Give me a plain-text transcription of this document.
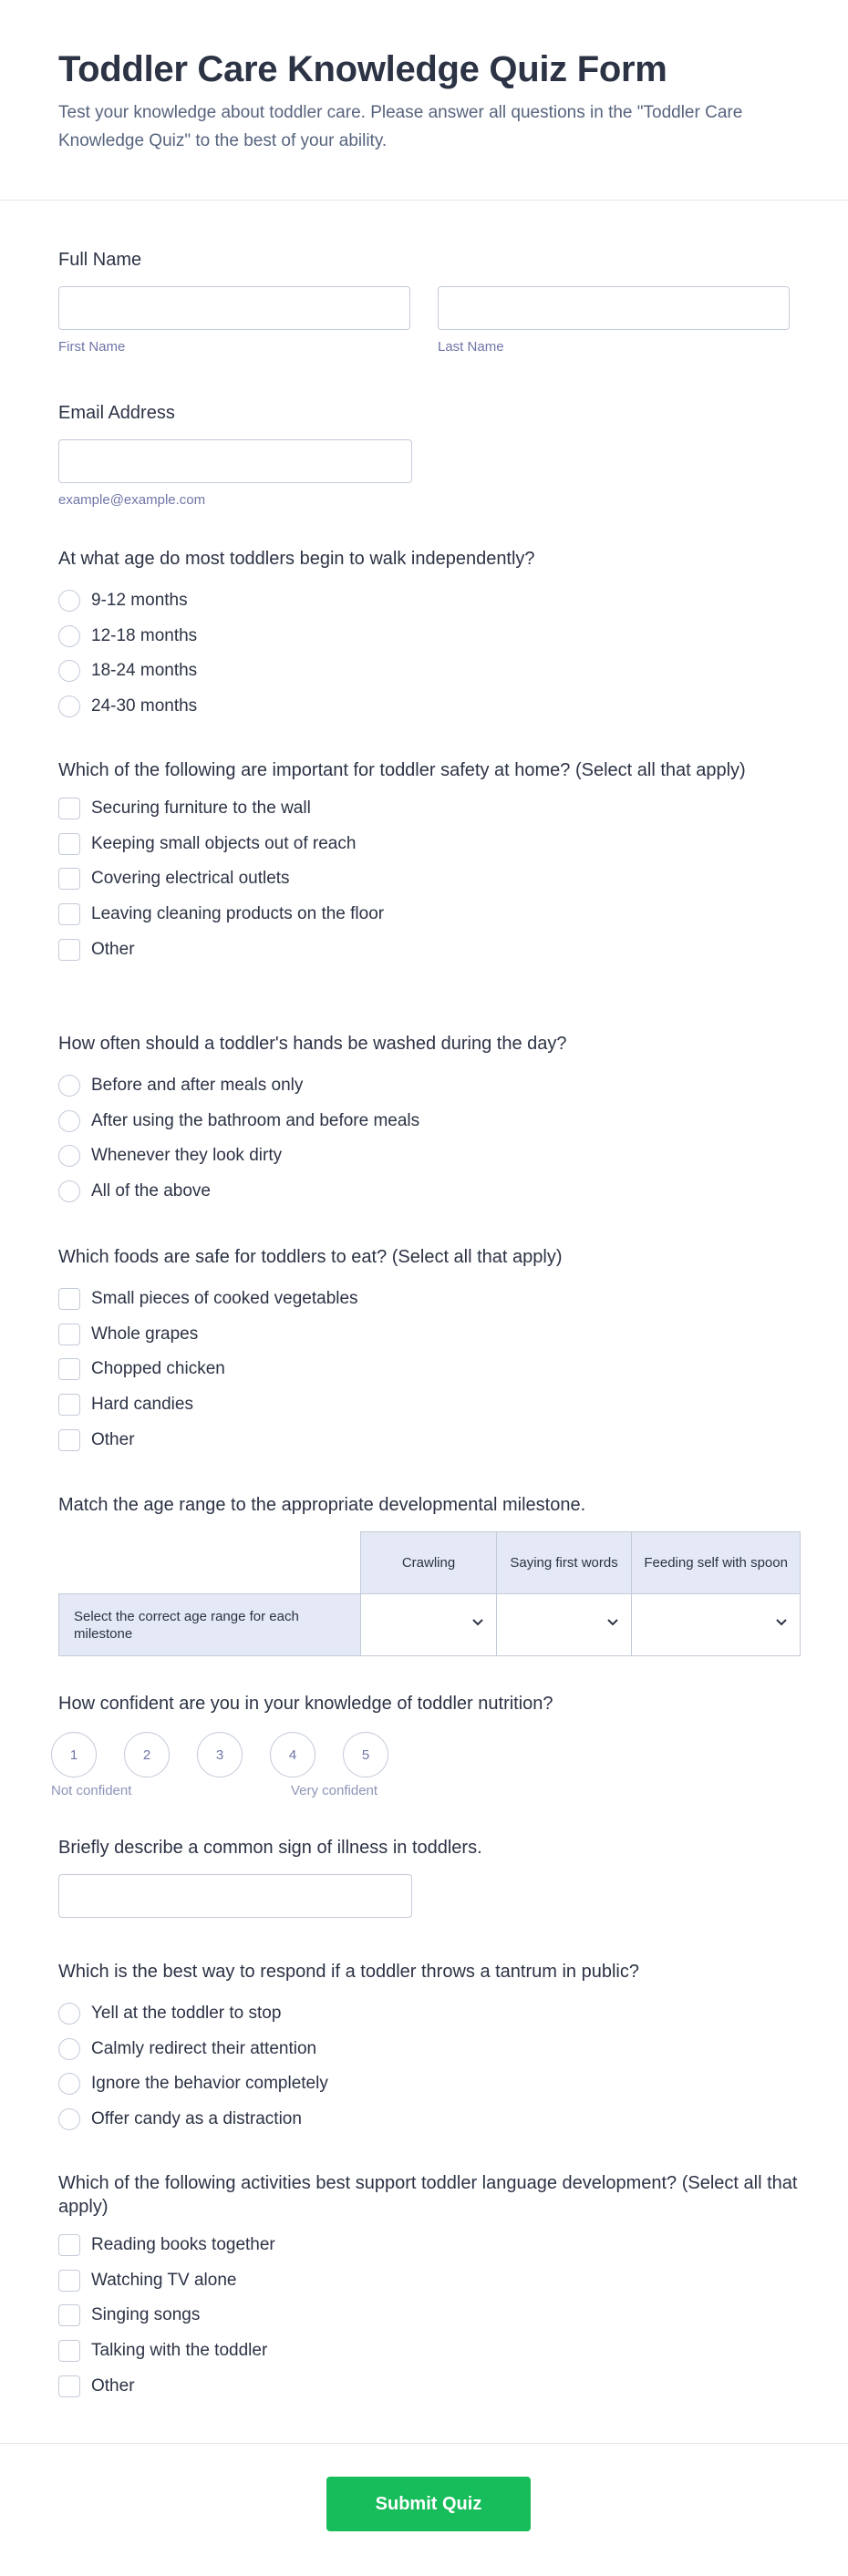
Toddler Care Knowledge Quiz Form
Test your knowledge about toddler care. Please answer all questions in the "Toddler Care Knowledge Quiz" to the best of your ability.
Full Name
First Name	Last Name
Email Address
example@example.com
At what age do most toddlers begin to walk independently?
9-12 months
12-18 months
18-24 months
24-30 months
Which of the following are important for toddler safety at home? (Select all that apply)
Securing furniture to the wall
Keeping small objects out of reach
Covering electrical outlets
Leaving cleaning products on the floor
Other
How often should a toddler's hands be washed during the day?
Before and after meals only
After using the bathroom and before meals
Whenever they look dirty
All of the above
Which foods are safe for toddlers to eat? (Select all that apply)
Small pieces of cooked vegetables
Whole grapes
Chopped chicken
Hard candies
Other
Match the age range to the appropriate developmental milestone.
	Crawling	Saying first words	Feeding self with spoon
Select the correct age range for each milestone	

How confident are you in your knowledge of toddler nutrition?
1	2	3	4	5
Not confident	Very confident
Briefly describe a common sign of illness in toddlers.
Which is the best way to respond if a toddler throws a tantrum in public?
Yell at the toddler to stop
Calmly redirect their attention
Ignore the behavior completely
Offer candy as a distraction
Which of the following activities best support toddler language development? (Select all that apply)
Reading books together
Watching TV alone
Singing songs
Talking with the toddler
Other
Submit Quiz
